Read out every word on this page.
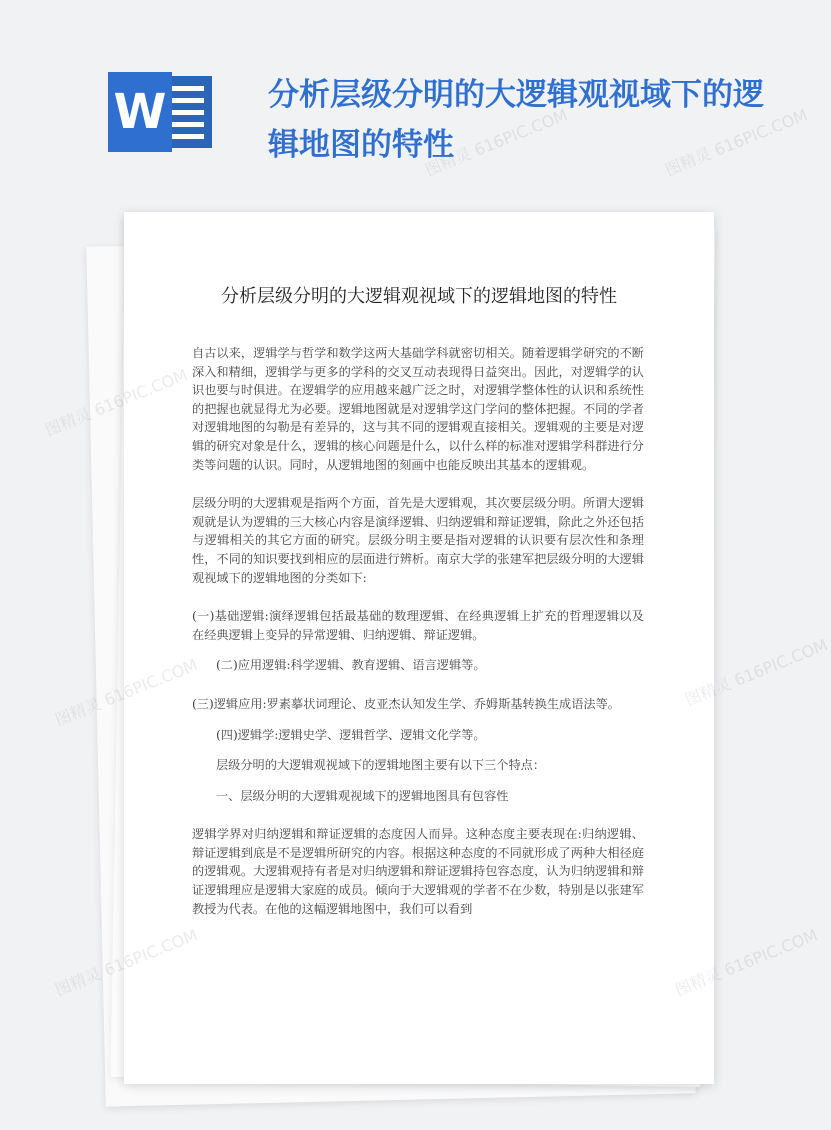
W	分析层级分明的大逻辑观视域下的逻辑地图的特性
分析层级分明的大逻辑观视域下的逻辑地图的特性

自古以来，逻辑学与哲学和数学这两大基础学科就密切相关。随着逻辑学研究的不断深入和精细，逻辑学与更多的学科的交叉互动表现得日益突出。因此，对逻辑学的认识也要与时俱进。在逻辑学的应用越来越广泛之时，对逻辑学整体性的认识和系统性的把握也就显得尤为必要。逻辑地图就是对逻辑学这门学问的整体把握。不同的学者对逻辑地图的勾勒是有差异的，这与其不同的逻辑观直接相关。逻辑观的主要是对逻辑的研究对象是什么，逻辑的核心问题是什么，以什么样的标准对逻辑学科群进行分类等问题的认识。同时，从逻辑地图的刻画中也能反映出其基本的逻辑观。

层级分明的大逻辑观是指两个方面，首先是大逻辑观，其次要层级分明。所谓大逻辑观就是认为逻辑的三大核心内容是演绎逻辑、归纳逻辑和辩证逻辑，除此之外还包括与逻辑相关的其它方面的研究。层级分明主要是指对逻辑的认识要有层次性和条理性，不同的知识要找到相应的层面进行辨析。南京大学的张建军把层级分明的大逻辑观视域下的逻辑地图的分类如下:

(一)基础逻辑:演绎逻辑包括最基础的数理逻辑、在经典逻辑上扩充的哲理逻辑以及在经典逻辑上变异的异常逻辑、归纳逻辑、辩证逻辑。

(二)应用逻辑:科学逻辑、教育逻辑、语言逻辑等。

(三)逻辑应用:罗素摹状词理论、皮亚杰认知发生学、乔姆斯基转换生成语法等。

(四)逻辑学:逻辑史学、逻辑哲学、逻辑文化学等。

层级分明的大逻辑观视域下的逻辑地图主要有以下三个特点：

一、层级分明的大逻辑观视域下的逻辑地图具有包容性

逻辑学界对归纳逻辑和辩证逻辑的态度因人而异。这种态度主要表现在:归纳逻辑、辩证逻辑到底是不是逻辑所研究的内容。根据这种态度的不同就形成了两种大相径庭的逻辑观。大逻辑观持有者是对归纳逻辑和辩证逻辑持包容态度，认为归纳逻辑和辩证逻辑理应是逻辑大家庭的成员。倾向于大逻辑观的学者不在少数，特别是以张建军教授为代表。在他的这幅逻辑地图中，我们可以看到

图精灵 616PIC.COM	图精灵 616PIC.COM
图精灵
图精灵 616PIC.COM
图精灵
图精灵	图精灵 616PIC.COM
